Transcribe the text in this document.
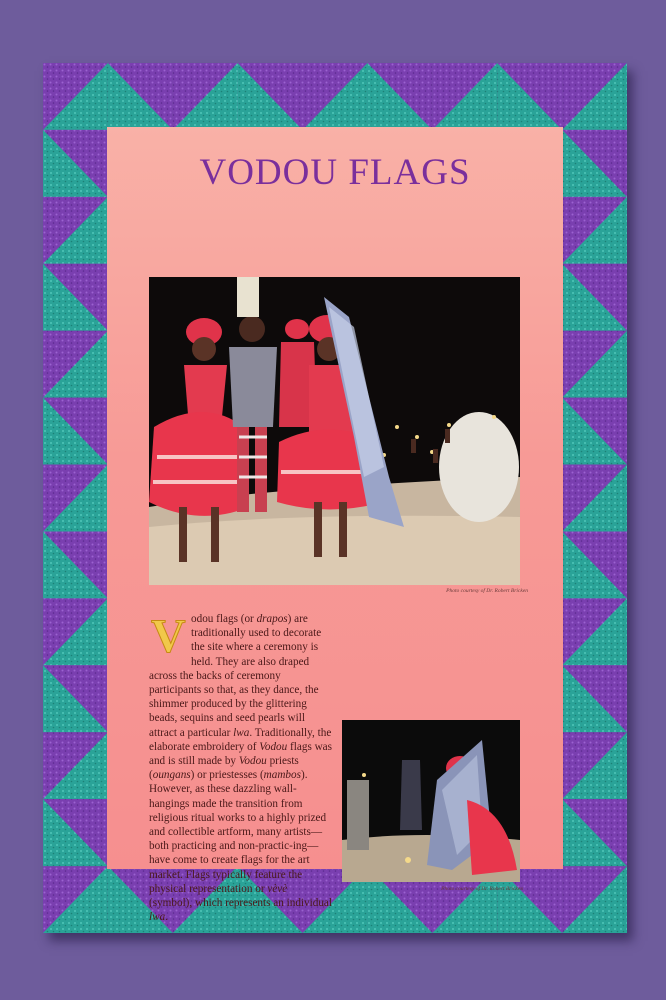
VODOU FLAGS
Photo courtesy of Dr. Robert Bricken
V odou flags (or drapos) are traditionally used to decorate the site where a ceremony is held. They are also draped across the backs of ceremony participants so that, as they dance, the shimmer produced by the glittering beads, sequins and seed pearls will attract a particular lwa. Traditionally, the elaborate embroidery of Vodou flags was and is still made by Vodou priests (oungans) or priestesses (mambos). However, as these dazzling wall-hangings made the transition from religious ritual works to a highly prized and collectible artform, many artists—both practicing and non-practic-ing—have come to create flags for the art market. Flags typically feature the physical representation or vèvè (symbol), which represents an individual lwa.

Photo courtesy of Dr. Robert Bricken
